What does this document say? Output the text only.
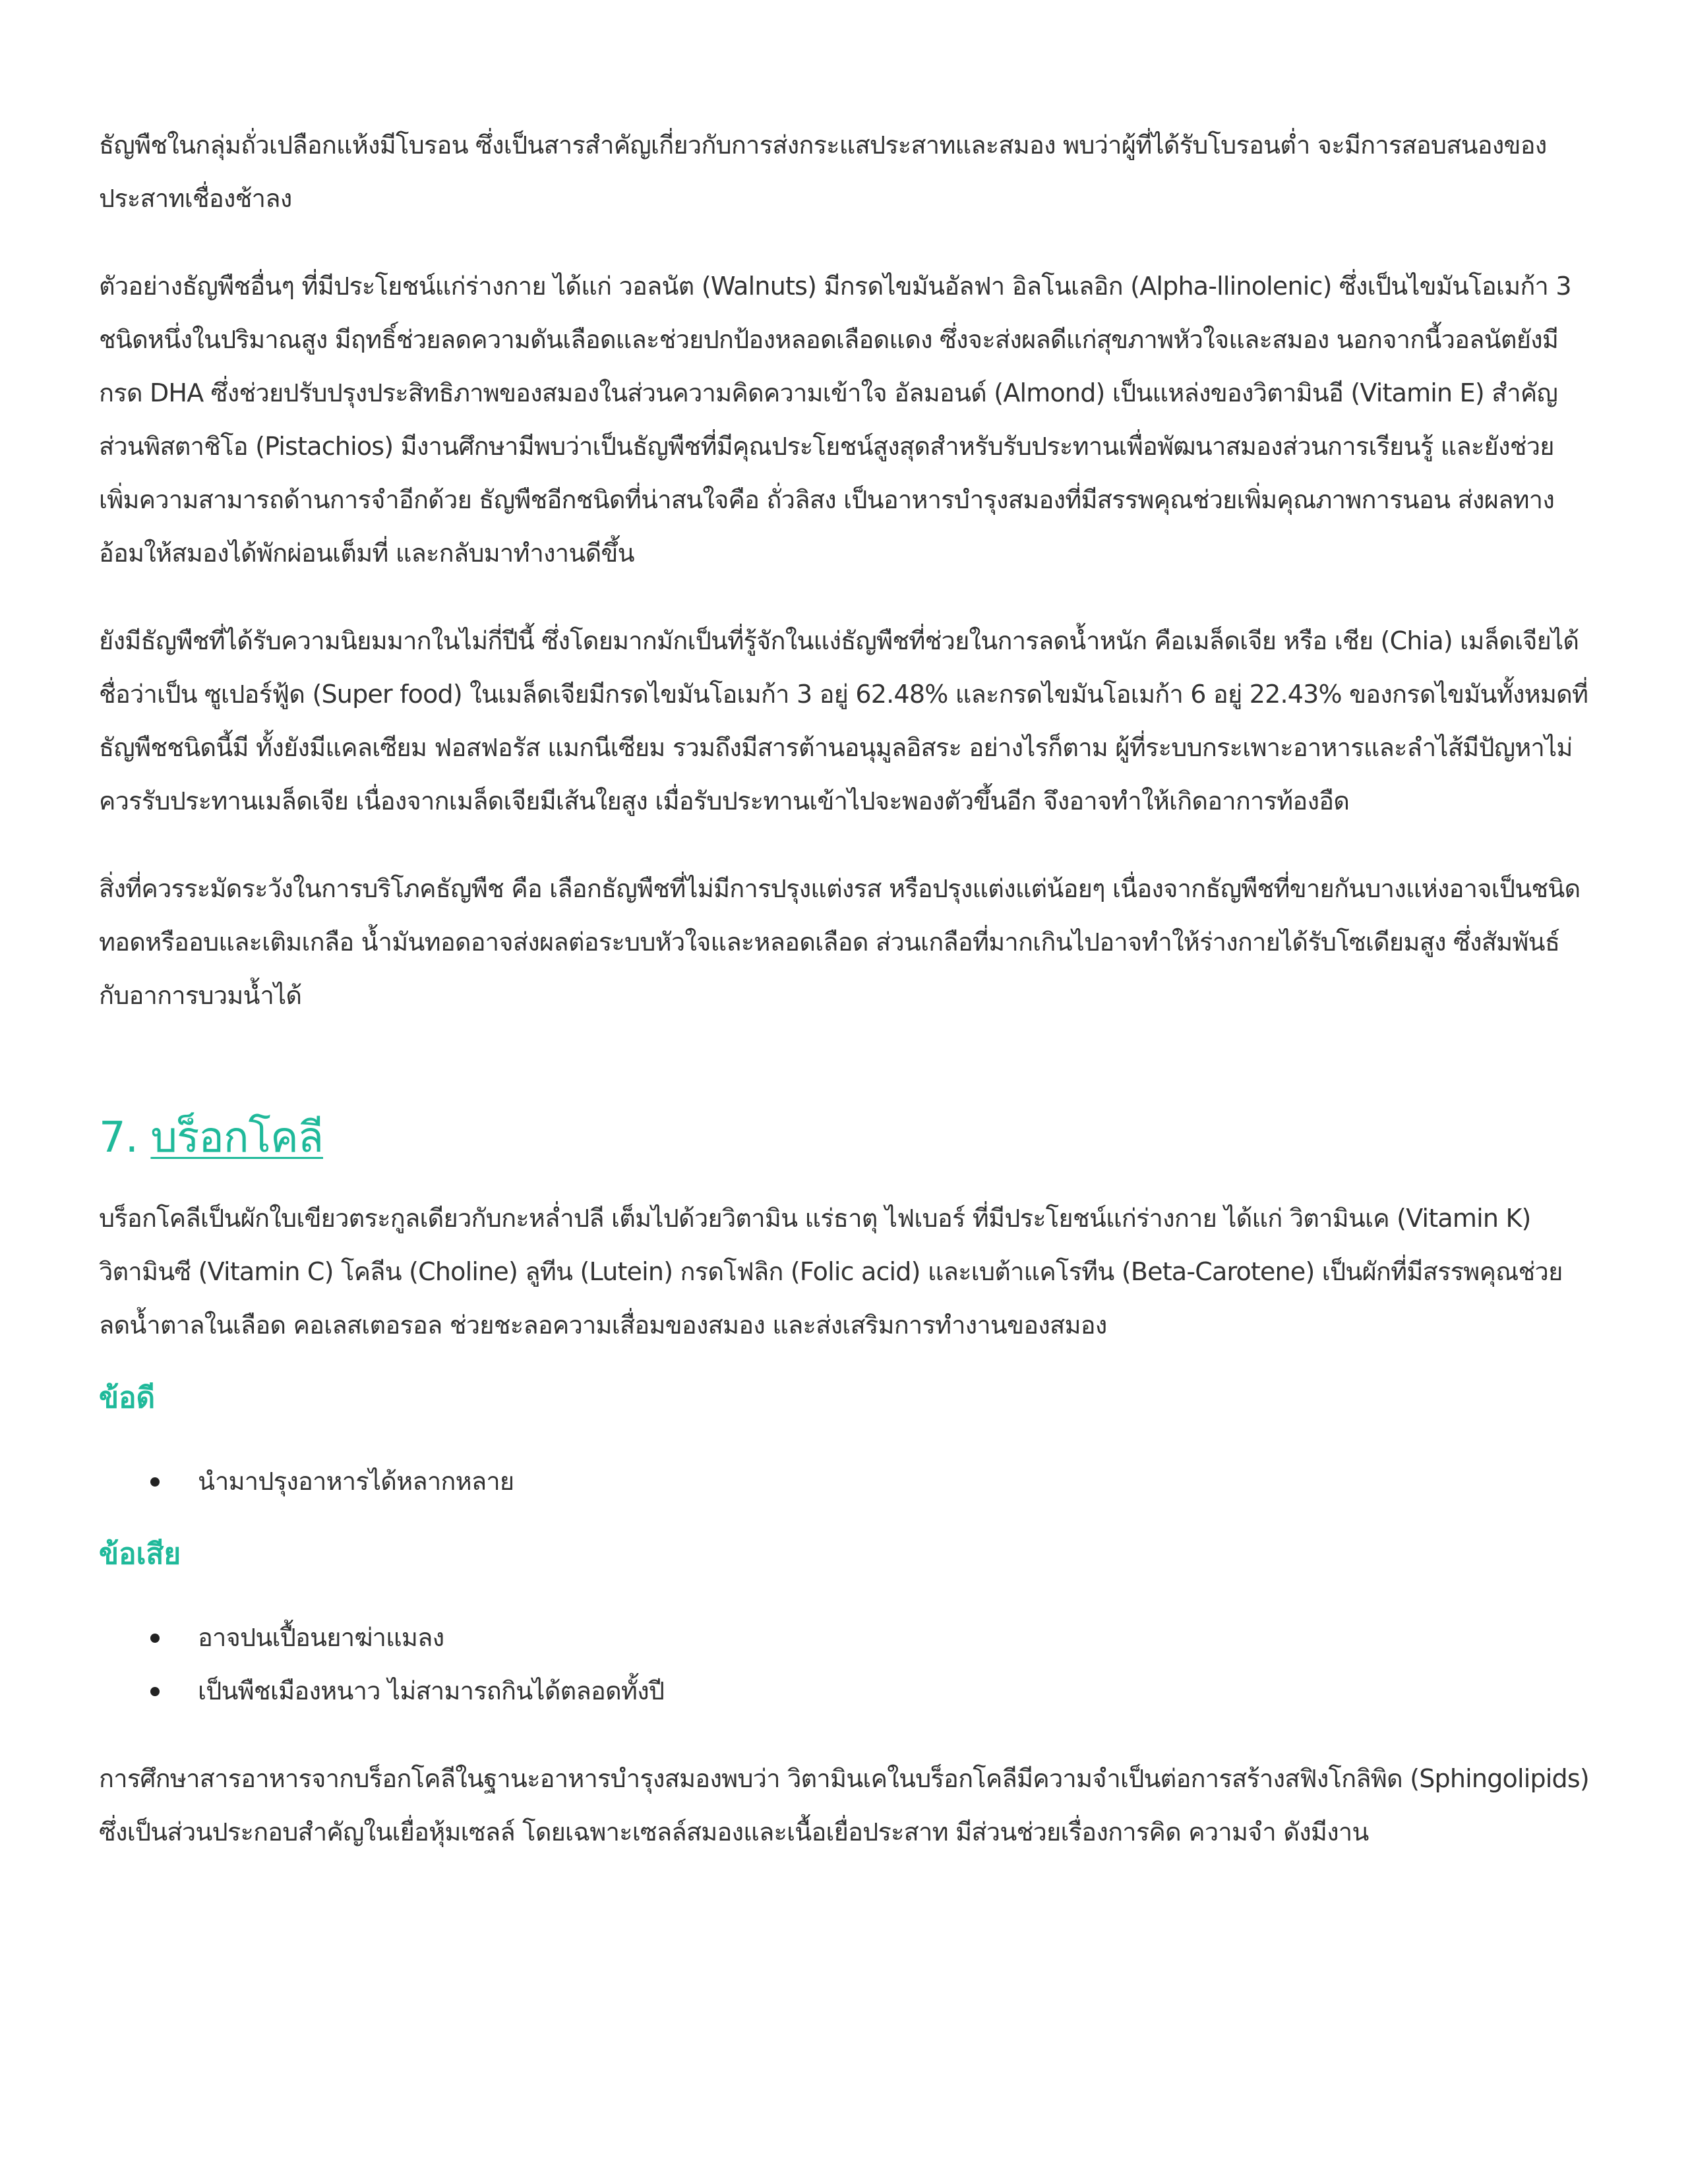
ธัญพืชในกลุ่มถั่วเปลือกแห้งมีโบรอน ซึ่งเป็นสารสำคัญเกี่ยวกับการส่งกระแสประสาทและสมอง พบว่าผู้ที่ได้รับโบรอนต่ำ จะมีการสอบสนองของประสาทเชื่องช้าลง

ตัวอย่างธัญพืชอื่นๆ ที่มีประโยชน์แก่ร่างกาย ได้แก่ วอลนัต (Walnuts) มีกรดไขมันอัลฟา อิลโนเลอิก (Alpha-llinolenic) ซึ่งเป็นไขมันโอเมก้า 3 ชนิดหนึ่งในปริมาณสูง มีฤทธิ์ช่วยลดความดันเลือดและช่วยปกป้องหลอดเลือดแดง ซึ่งจะส่งผลดีแก่สุขภาพหัวใจและสมอง นอกจากนี้วอลนัตยังมีกรด DHA ซึ่งช่วยปรับปรุงประสิทธิภาพของสมองในส่วนความคิดความเข้าใจ อัลมอนด์ (Almond) เป็นแหล่งของวิตามินอี (Vitamin E) สำคัญ ส่วนพิสตาชิโอ (Pistachios) มีงานศึกษามีพบว่าเป็นธัญพืชที่มีคุณประโยชน์สูงสุดสำหรับรับประทานเพื่อพัฒนาสมองส่วนการเรียนรู้ และยังช่วยเพิ่มความสามารถด้านการจำอีกด้วย ธัญพืชอีกชนิดที่น่าสนใจคือ ถั่วลิสง เป็นอาหารบำรุงสมองที่มีสรรพคุณช่วยเพิ่มคุณภาพการนอน ส่งผลทางอ้อมให้สมองได้พักผ่อนเต็มที่ และกลับมาทำงานดีขึ้น

ยังมีธัญพืชที่ได้รับความนิยมมากในไม่กี่ปีนี้ ซึ่งโดยมากมักเป็นที่รู้จักในแง่ธัญพืชที่ช่วยในการลดน้ำหนัก คือเมล็ดเจีย หรือ เชีย (Chia) เมล็ดเจียได้ชื่อว่าเป็น ซูเปอร์ฟู้ด (Super food) ในเมล็ดเจียมีกรดไขมันโอเมก้า 3 อยู่ 62.48% และกรดไขมันโอเมก้า 6 อยู่ 22.43% ของกรดไขมันทั้งหมดที่ธัญพืชชนิดนี้มี ทั้งยังมีแคลเซียม ฟอสฟอรัส แมกนีเซียม รวมถึงมีสารต้านอนุมูลอิสระ อย่างไรก็ตาม ผู้ที่ระบบกระเพาะอาหารและลำไส้มีปัญหาไม่ควรรับประทานเมล็ดเจีย เนื่องจากเมล็ดเจียมีเส้นใยสูง เมื่อรับประทานเข้าไปจะพองตัวขึ้นอีก จึงอาจทำให้เกิดอาการท้องอืด

สิ่งที่ควรระมัดระวังในการบริโภคธัญพืช คือ เลือกธัญพืชที่ไม่มีการปรุงแต่งรส หรือปรุงแต่งแต่น้อยๆ เนื่องจากธัญพืชที่ขายกันบางแห่งอาจเป็นชนิดทอดหรืออบและเติมเกลือ น้ำมันทอดอาจส่งผลต่อระบบหัวใจและหลอดเลือด ส่วนเกลือที่มากเกินไปอาจทำให้ร่างกายได้รับโซเดียมสูง ซึ่งสัมพันธ์กับอาการบวมน้ำได้

7. บร็อกโคลี

บร็อกโคลีเป็นผักใบเขียวตระกูลเดียวกับกะหล่ำปลี เต็มไปด้วยวิตามิน แร่ธาตุ ไฟเบอร์ ที่มีประโยชน์แก่ร่างกาย ได้แก่ วิตามินเค (Vitamin K) วิตามินซี (Vitamin C) โคลีน (Choline) ลูทีน (Lutein) กรดโฟลิก (Folic acid) และเบต้าแคโรทีน (Beta-Carotene) เป็นผักที่มีสรรพคุณช่วยลดน้ำตาลในเลือด คอเลสเตอรอล ช่วยชะลอความเสื่อมของสมอง และส่งเสริมการทำงานของสมอง

ข้อดี
นำมาปรุงอาหารได้หลากหลาย
ข้อเสีย
อาจปนเปื้อนยาฆ่าแมลง
เป็นพืชเมืองหนาว ไม่สามารถกินได้ตลอดทั้งปี

การศึกษาสารอาหารจากบร็อกโคลีในฐานะอาหารบำรุงสมองพบว่า วิตามินเคในบร็อกโคลีมีความจำเป็นต่อการสร้างสฟิงโกลิพิด (Sphingolipids) ซึ่งเป็นส่วนประกอบสำคัญในเยื่อหุ้มเซลล์ โดยเฉพาะเซลล์สมองและเนื้อเยื่อประสาท มีส่วนช่วยเรื่องการคิด ความจำ ดังมีงาน
